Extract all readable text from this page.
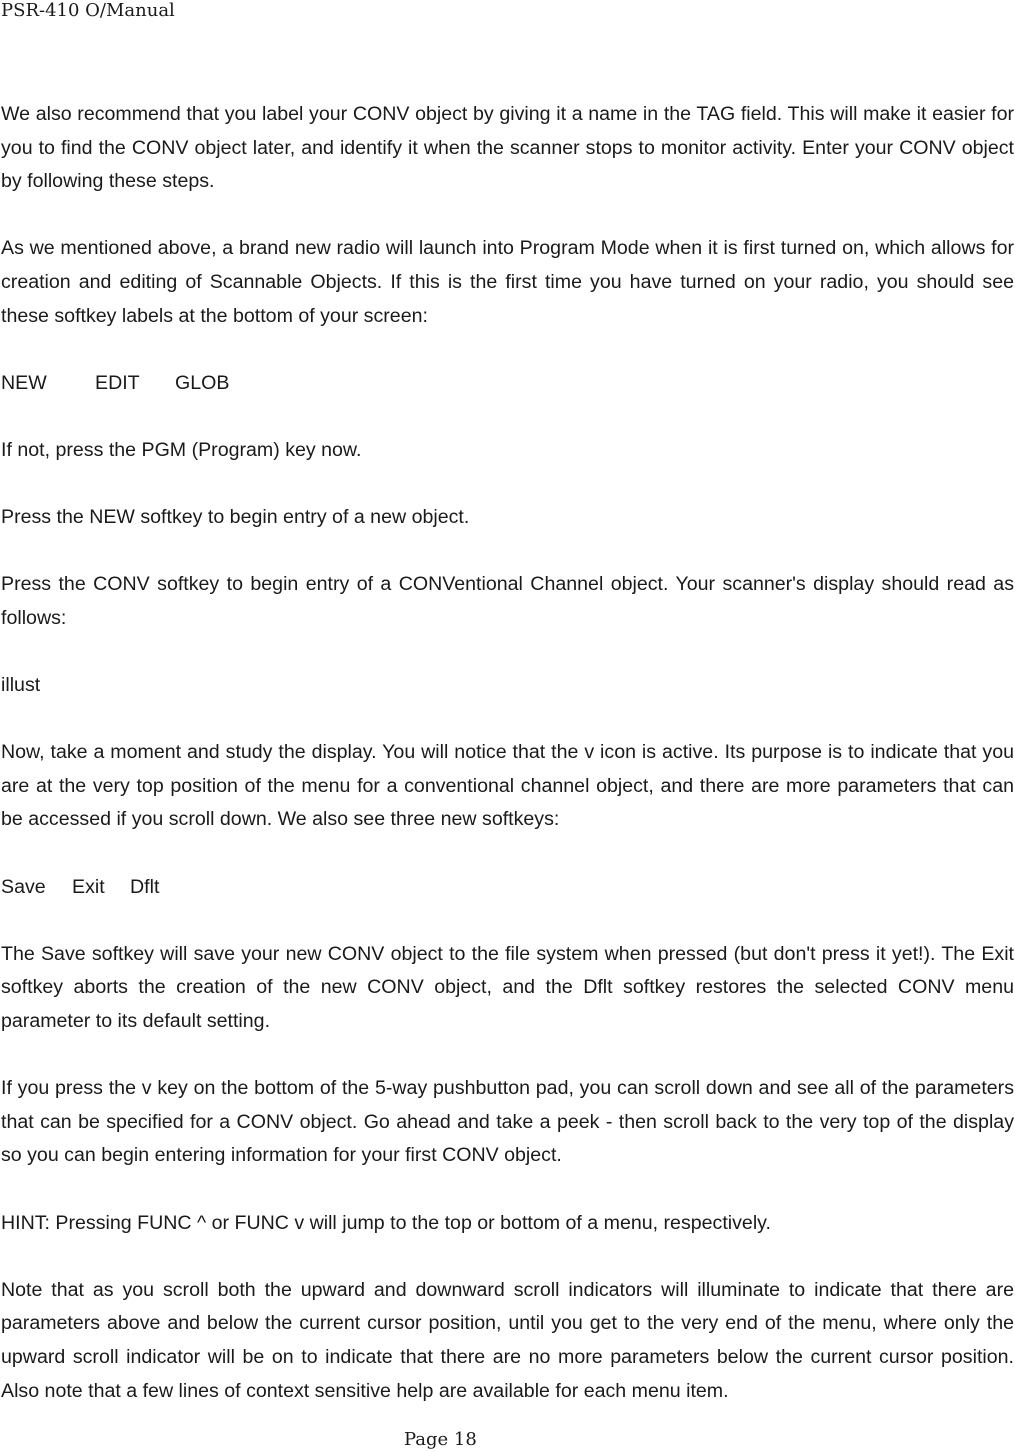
PSR-410 O/Manual

We also recommend that you label your CONV object by giving it a name in the TAG field. This will make it easier for you to find the CONV object later, and identify it when the scanner stops to monitor activity. Enter your CONV object by following these steps.

As we mentioned above, a brand new radio will launch into Program Mode when it is first turned on, which allows for creation and editing of Scannable Objects. If this is the first time you have turned on your radio, you should see these softkey labels at the bottom of your screen:

NEW EDIT GLOB

If not, press the PGM (Program) key now.

Press the NEW softkey to begin entry of a new object.

Press the CONV softkey to begin entry of a CONVentional Channel object. Your scanner's display should read as follows:

illust

Now, take a moment and study the display. You will notice that the v icon is active. Its purpose is to indicate that you are at the very top position of the menu for a conventional channel object, and there are more parameters that can be accessed if you scroll down. We also see three new softkeys:

Save Exit Dflt

The Save softkey will save your new CONV object to the file system when pressed (but don't press it yet!). The Exit softkey aborts the creation of the new CONV object, and the Dflt softkey restores the selected CONV menu parameter to its default setting.

If you press the v key on the bottom of the 5-way pushbutton pad, you can scroll down and see all of the parameters that can be specified for a CONV object. Go ahead and take a peek - then scroll back to the very top of the display so you can begin entering information for your first CONV object.

HINT: Pressing FUNC ^ or FUNC v will jump to the top or bottom of a menu, respectively.

Note that as you scroll both the upward and downward scroll indicators will illuminate to indicate that there are parameters above and below the current cursor position, until you get to the very end of the menu, where only the upward scroll indicator will be on to indicate that there are no more parameters below the current cursor position. Also note that a few lines of context sensitive help are available for each menu item.

Page 18
